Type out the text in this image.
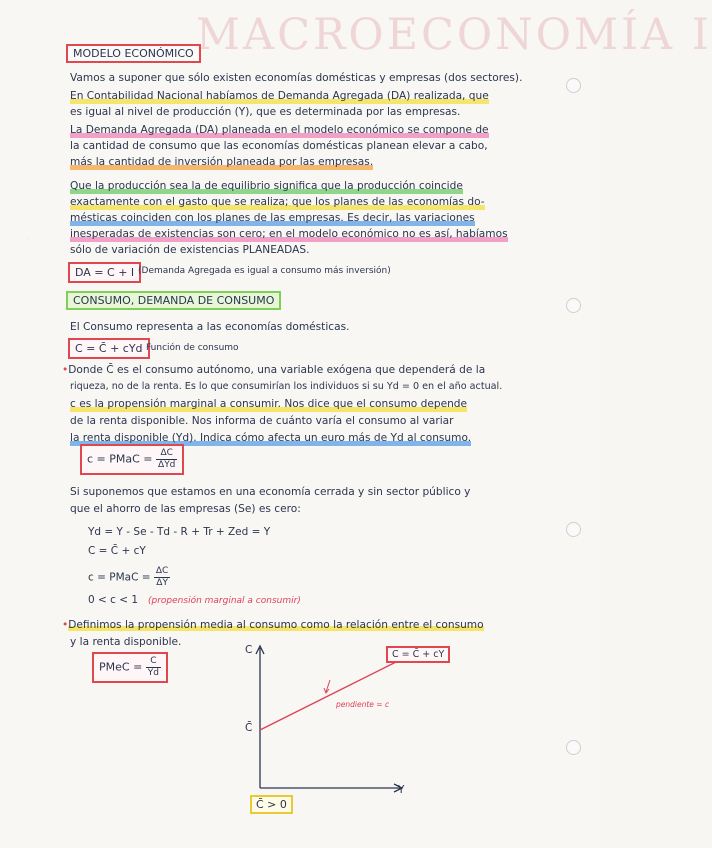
MACROECONOMÍA I
MODELO ECONÓMICO
Vamos a suponer que sólo existen economías domésticas y empresas (dos sectores).
En Contabilidad Nacional habíamos de Demanda Agregada (DA) realizada, que
es igual al nivel de producción (Y), que es determinada por las empresas.
La Demanda Agregada (DA) planeada en el modelo económico se compone de
la cantidad de consumo que las economías domésticas planean elevar a cabo,
más la cantidad de inversión planeada por las empresas.
Que la producción sea la de equilibrio significa que la producción coincide
exactamente con el gasto que se realiza; que los planes de las economías do-
mésticas coinciden con los planes de las empresas. Es decir, las variaciones
inesperadas de existencias son cero; en el modelo económico no es así, habíamos
sólo de variación de existencias PLANEADAS.
DA = C + I (Demanda Agregada es igual a consumo más inversión)
·
CONSUMO, DEMANDA DE CONSUMO
El Consumo representa a las economías domésticas.
C = C̄ + cYd Función de consumo
•Donde C̄ es el consumo autónomo, una variable exógena que dependerá de la
riqueza, no de la renta. Es lo que consumirían los individuos si su Yd = 0 en el año actual.
c es la propensión marginal a consumir. Nos dice que el consumo depende
de la renta disponible. Nos informa de cuánto varía el consumo al variar
la renta disponible (Yd). Indica cómo afecta un euro más de Yd al consumo.
c = PMaC = $\frac{\Delta C}{\text{ΔYd}}$
Si suponemos que estamos en una economía cerrada y sin sector público y
que el ahorro de las empresas (Se) es cero:
Yd = Y - Se - Td - R + Tr + Zed = Y
C = C̄ + cY
c = PMaC = $\frac{\Delta C}{\Delta Y}$
0 < c < 1 (propensión marginal a consumir)
•Definimos la propensión media al consumo como la relación entre el consumo
y la renta disponible.
PMeC = $\frac{C}{Yd}$
C
Y
C̄
C = C̄ + cY
pendiente = c
C̄ > 0
